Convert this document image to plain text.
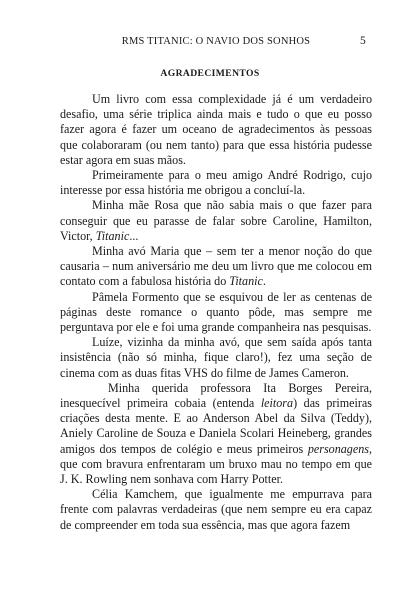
RMS TITANIC: O NAVIO DOS SONHOS	5
AGRADECIMENTOS

Um livro com essa complexidade já é um verdadeiro desafio, uma série triplica ainda mais e tudo o que eu posso fazer agora é fazer um oceano de agradecimentos às pessoas que colaboraram (ou nem tanto) para que essa história pudesse estar agora em suas mãos.

Primeiramente para o meu amigo André Rodrigo, cujo interesse por essa história me obrigou a concluí-la.

Minha mãe Rosa que não sabia mais o que fazer para conseguir que eu parasse de falar sobre Caroline, Hamilton, Victor, Titanic...

Minha avó Maria que – sem ter a menor noção do que causaria – num aniversário me deu um livro que me colocou em contato com a fabulosa história do Titanic.

Pâmela Formento que se esquivou de ler as centenas de páginas deste romance o quanto pôde, mas sempre me perguntava por ele e foi uma grande companheira nas pesquisas.

Luíze, vizinha da minha avó, que sem saída após tanta insistência (não só minha, fique claro!), fez uma seção de cinema com as duas fitas VHS do filme de James Cameron.

Minha querida professora Ita Borges Pereira, inesquecível primeira cobaia (entenda leitora) das primeiras criações desta mente. E ao Anderson Abel da Silva (Teddy), Aniely Caroline de Souza e Daniela Scolari Heineberg, grandes amigos dos tempos de colégio e meus primeiros personagens, que com bravura enfrentaram um bruxo mau no tempo em que J. K. Rowling nem sonhava com Harry Potter.

Célia Kamchem, que igualmente me empurrava para frente com palavras verdadeiras (que nem sempre eu era capaz de compreender em toda sua essência, mas que agora fazem
